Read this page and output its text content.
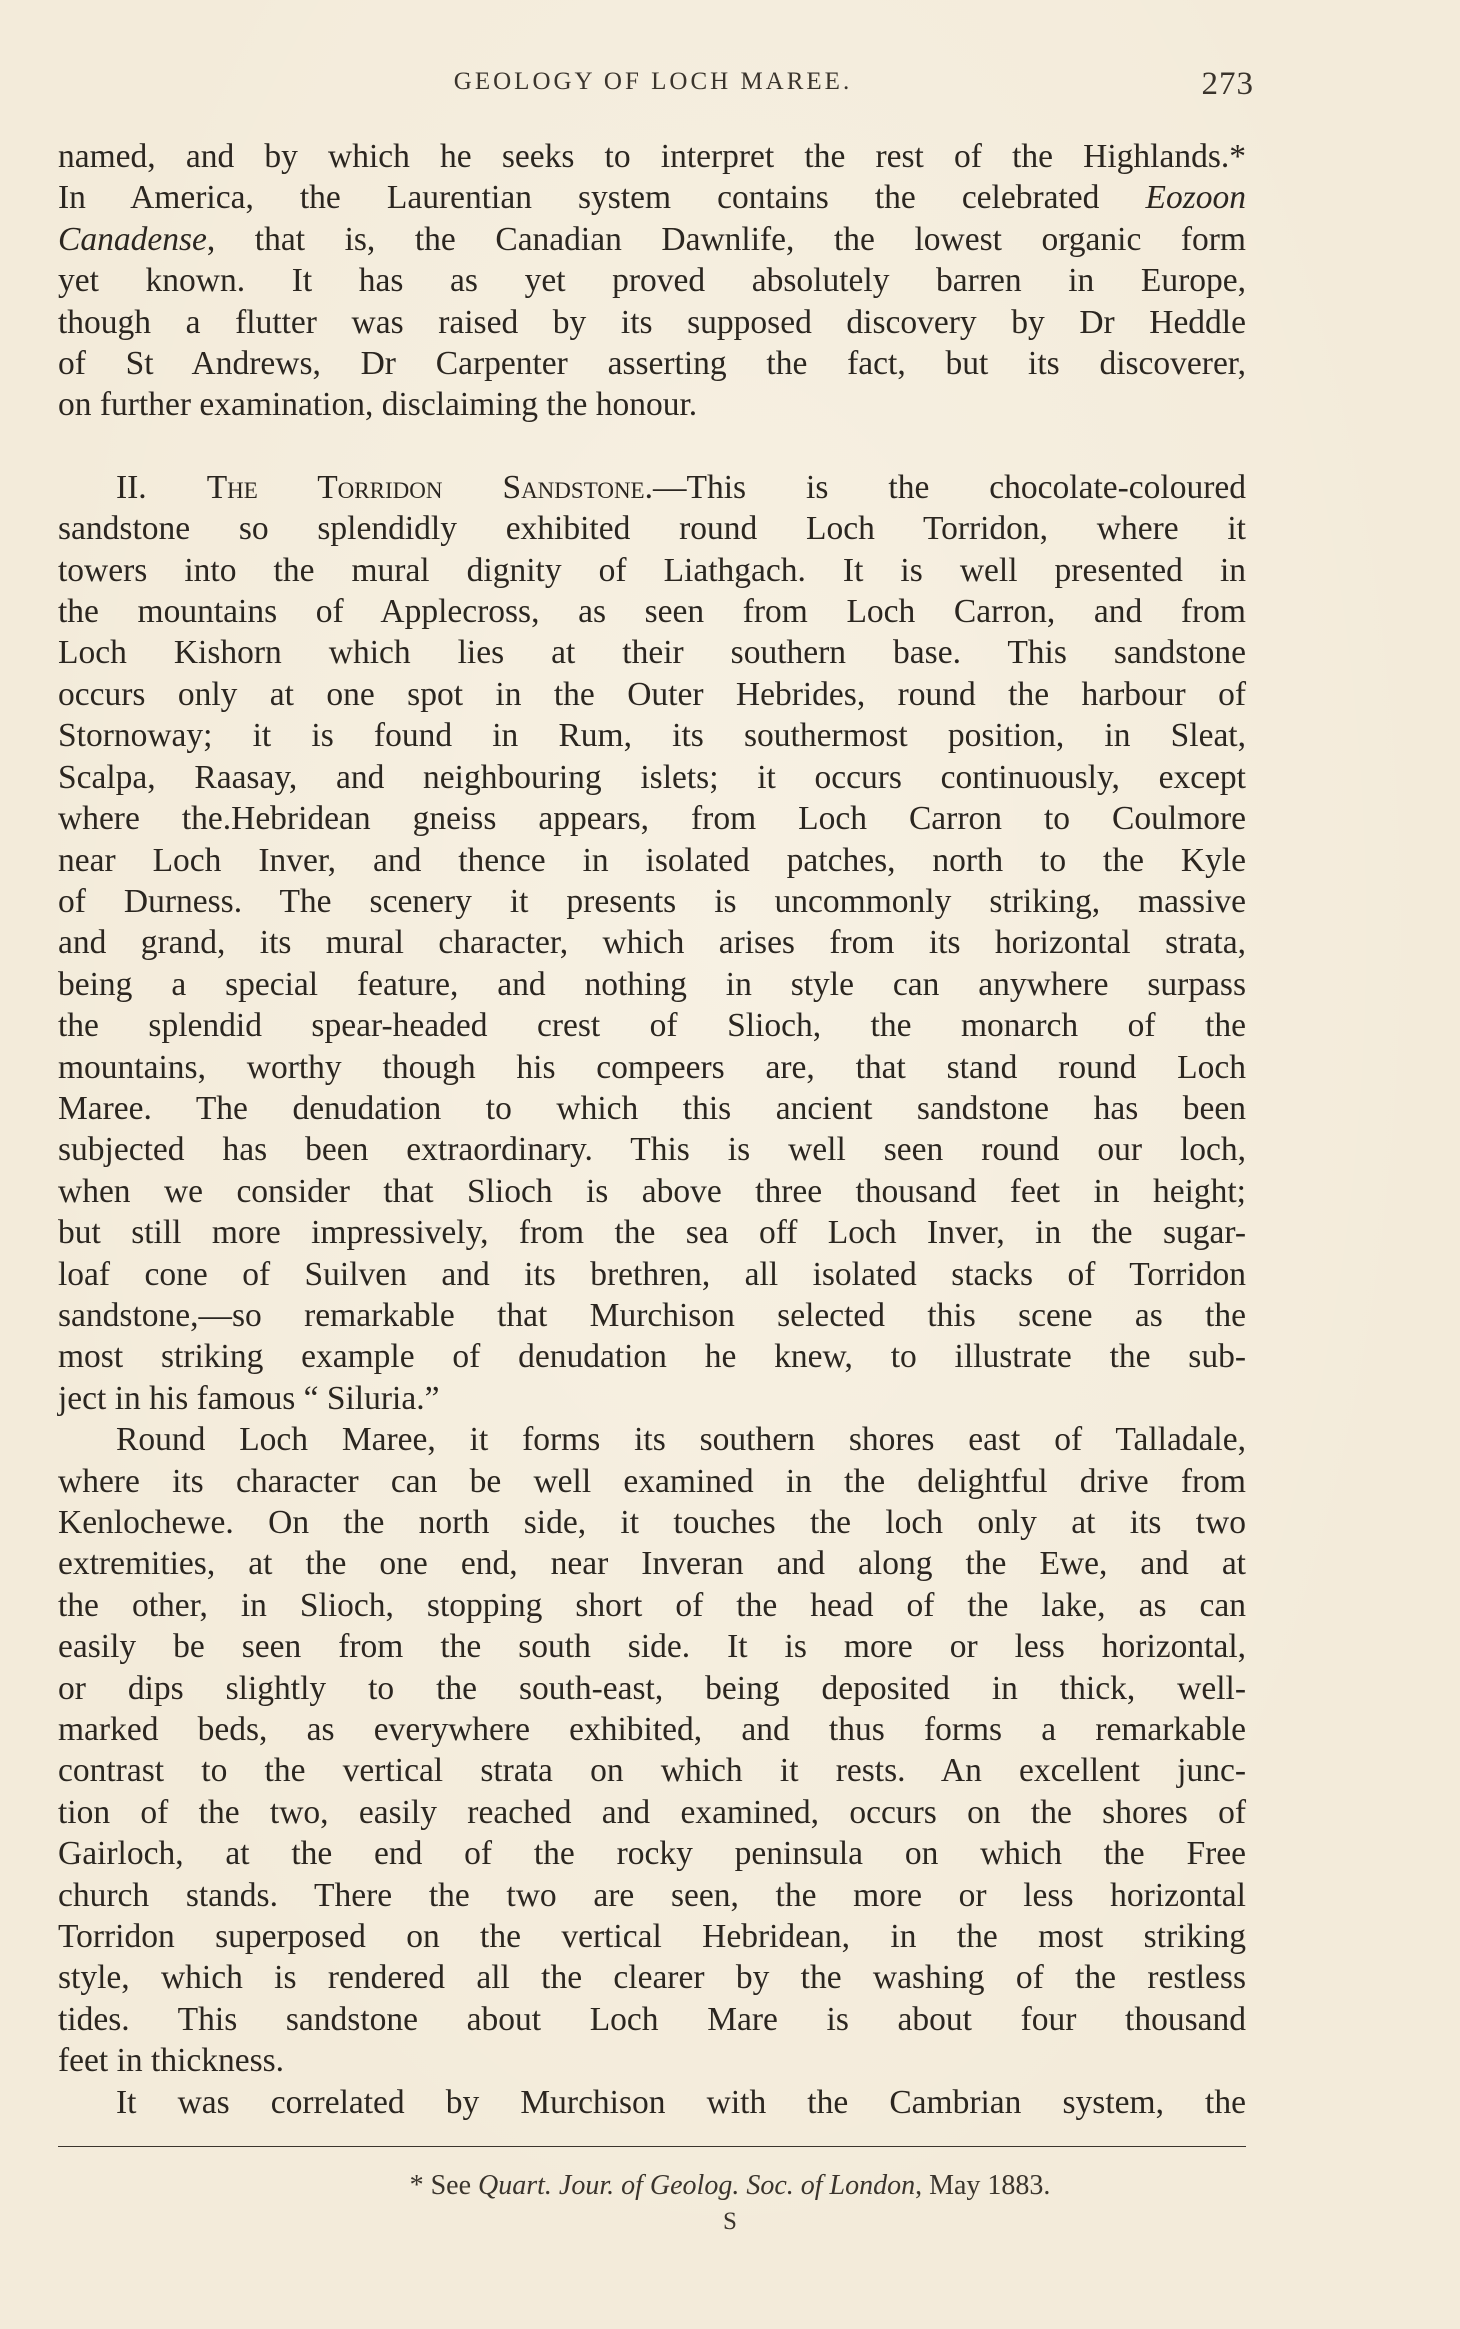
GEOLOGY OF LOCH MAREE.	273

named, and by which he seeks to interpret the rest of the Highlands.*
In America, the Laurentian system contains the celebrated Eozoon
Canadense, that is, the Canadian Dawnlife, the lowest organic form
yet known. It has as yet proved absolutely barren in Europe,
though a flutter was raised by its supposed discovery by Dr Heddle
of St Andrews, Dr Carpenter asserting the fact, but its discoverer,
on further examination, disclaiming the honour.

II. The Torridon Sandstone.—This is the chocolate-coloured
sandstone so splendidly exhibited round Loch Torridon, where it
towers into the mural dignity of Liathgach. It is well presented in
the mountains of Applecross, as seen from Loch Carron, and from
Loch Kishorn which lies at their southern base. This sandstone
occurs only at one spot in the Outer Hebrides, round the harbour of
Stornoway; it is found in Rum, its southermost position, in Sleat,
Scalpa, Raasay, and neighbouring islets; it occurs continuously, except
where the.Hebridean gneiss appears, from Loch Carron to Coulmore
near Loch Inver, and thence in isolated patches, north to the Kyle
of Durness. The scenery it presents is uncommonly striking, massive
and grand, its mural character, which arises from its horizontal strata,
being a special feature, and nothing in style can anywhere surpass
the splendid spear-headed crest of Slioch, the monarch of the
mountains, worthy though his compeers are, that stand round Loch
Maree. The denudation to which this ancient sandstone has been
subjected has been extraordinary. This is well seen round our loch,
when we consider that Slioch is above three thousand feet in height;
but still more impressively, from the sea off Loch Inver, in the sugar-
loaf cone of Suilven and its brethren, all isolated stacks of Torridon
sandstone,—so remarkable that Murchison selected this scene as the
most striking example of denudation he knew, to illustrate the sub-
ject in his famous “ Siluria.”

Round Loch Maree, it forms its southern shores east of Talladale,
where its character can be well examined in the delightful drive from
Kenlochewe. On the north side, it touches the loch only at its two
extremities, at the one end, near Inveran and along the Ewe, and at
the other, in Slioch, stopping short of the head of the lake, as can
easily be seen from the south side. It is more or less horizontal,
or dips slightly to the south-east, being deposited in thick, well-
marked beds, as everywhere exhibited, and thus forms a remarkable
contrast to the vertical strata on which it rests. An excellent junc-
tion of the two, easily reached and examined, occurs on the shores of
Gairloch, at the end of the rocky peninsula on which the Free
church stands. There the two are seen, the more or less horizontal
Torridon superposed on the vertical Hebridean, in the most striking
style, which is rendered all the clearer by the washing of the restless
tides. This sandstone about Loch Mare is about four thousand
feet in thickness.

It was correlated by Murchison with the Cambrian system, the

* See Quart. Jour. of Geolog. Soc. of London, May 1883.
S
